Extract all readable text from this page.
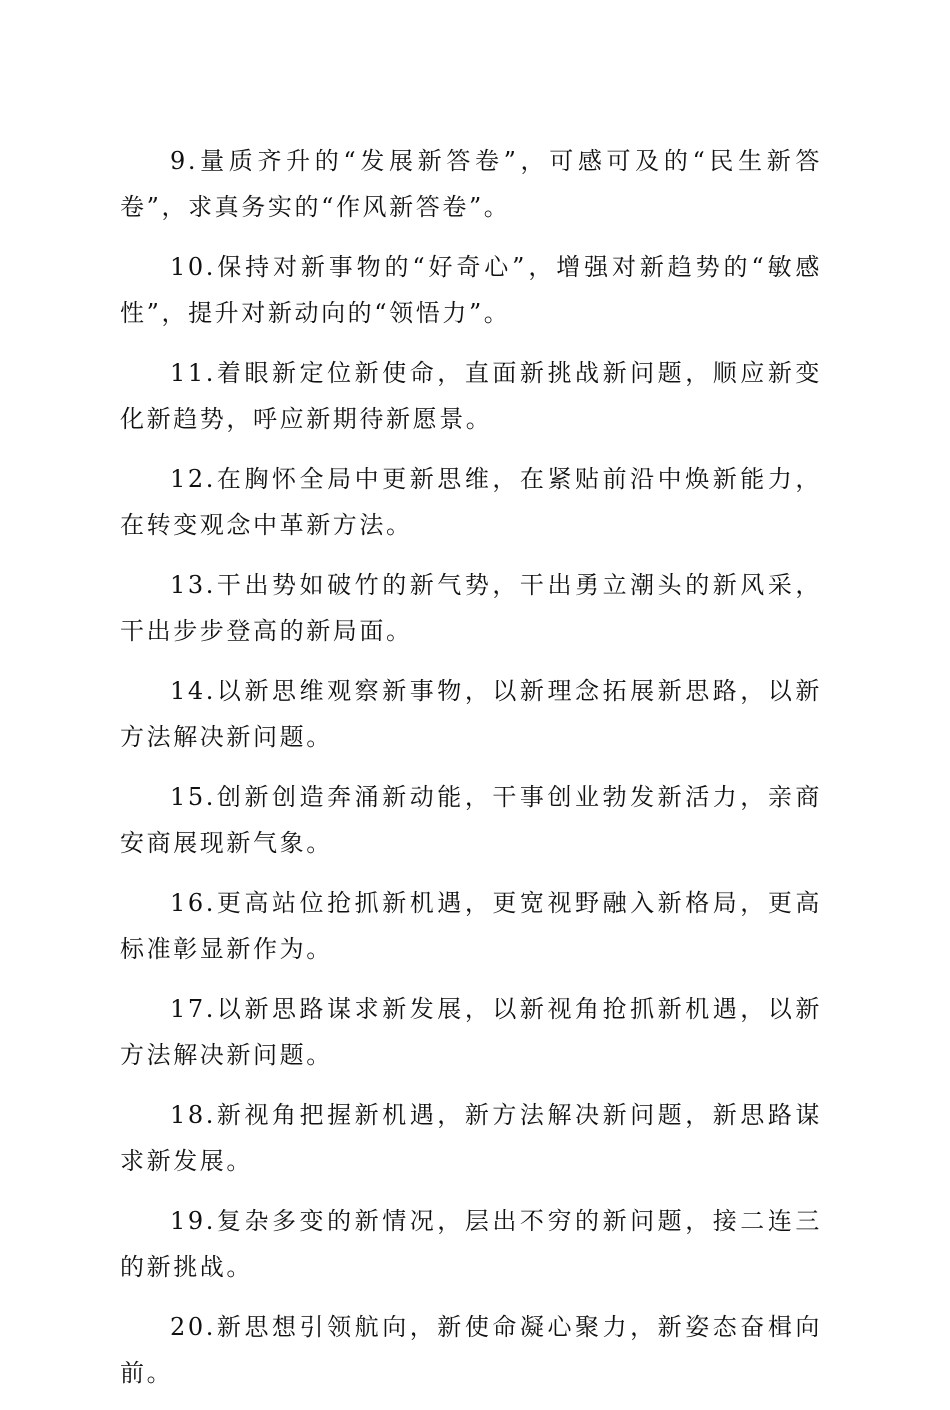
9.量质齐升的“发展新答卷”，可感可及的“民生新答卷”，求真务实的“作风新答卷”。

10.保持对新事物的“好奇心”，增强对新趋势的“敏感性”，提升对新动向的“领悟力”。

11.着眼新定位新使命，直面新挑战新问题，顺应新变化新趋势，呼应新期待新愿景。

12.在胸怀全局中更新思维，在紧贴前沿中焕新能力，在转变观念中革新方法。

13.干出势如破竹的新气势，干出勇立潮头的新风采，干出步步登高的新局面。

14.以新思维观察新事物，以新理念拓展新思路，以新方法解决新问题。

15.创新创造奔涌新动能，干事创业勃发新活力，亲商安商展现新气象。

16.更高站位抢抓新机遇，更宽视野融入新格局，更高标准彰显新作为。

17.以新思路谋求新发展，以新视角抢抓新机遇，以新方法解决新问题。

18.新视角把握新机遇，新方法解决新问题，新思路谋求新发展。

19.复杂多变的新情况，层出不穷的新问题，接二连三的新挑战。

20.新思想引领航向，新使命凝心聚力，新姿态奋楫向前。
